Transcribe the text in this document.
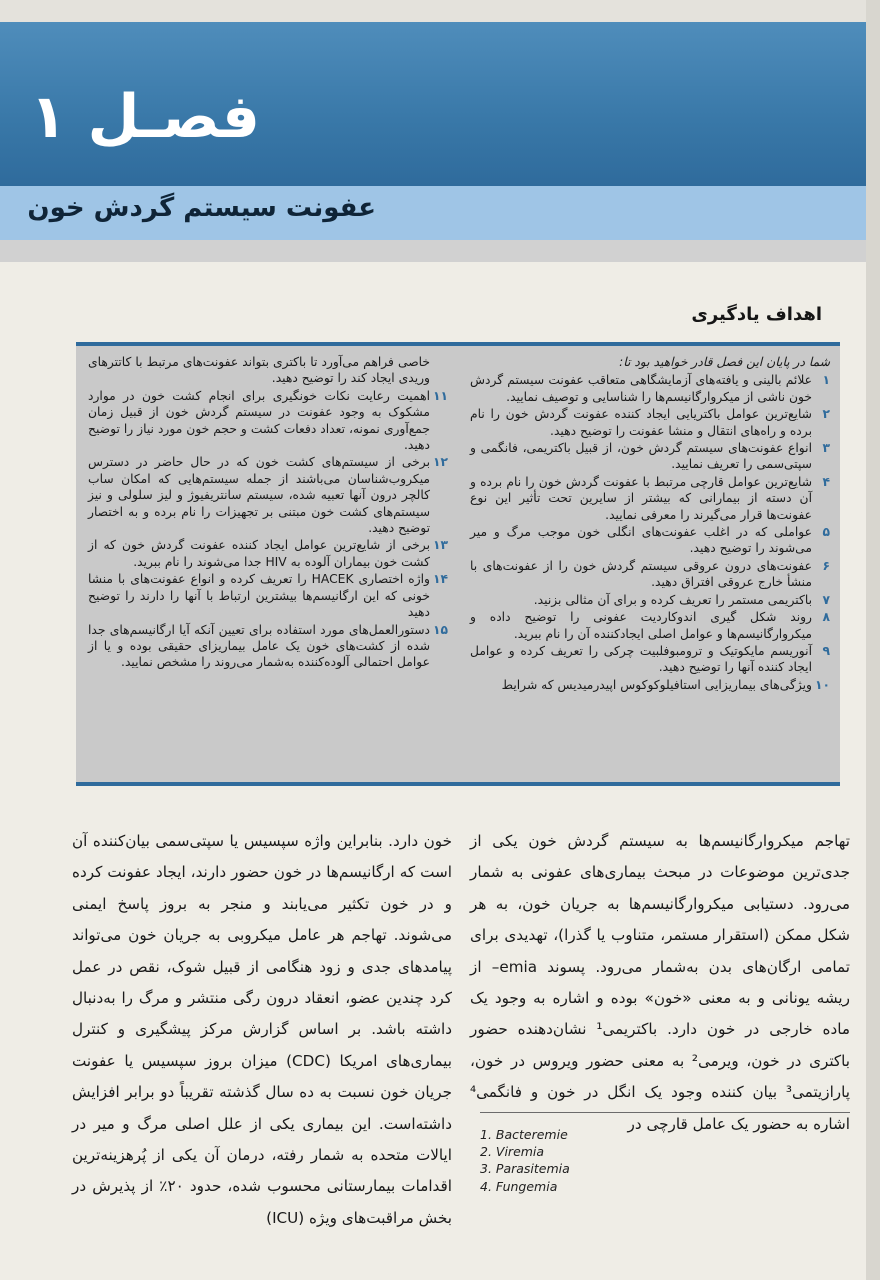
فصـل ۱
عفونت سیستم گردش خون
اهداف یادگیری

شما در پایان این فصل قادر خواهید بود تا:

۱
علائم بالینی و یافته‌های آزمایشگاهی متعاقب عفونت سیستم گردش خون ناشی از میکروارگانیسم‌ها را شناسایی و توصیف نمایید.
۲
شایع‌ترین عوامل باکتریایی ایجاد کننده عفونت گردش خون را نام برده و راه‌های انتقال و منشا عفونت را توضیح دهید.
۳
انواع عفونت‌های سیستم گردش خون، از قبیل باکتریمی، فانگمی و سپتی‌سمی را تعریف نمایید.
۴
شایع‌ترین عوامل قارچی مرتبط با عفونت گردش خون را نام برده و آن دسته از بیمارانی که بیشتر از سایرین تحت تأثیر این نوع عفونت‌ها قرار می‌گیرند را معرفی نمایید.
۵
عواملی که در اغلب عفونت‌های انگلی خون موجب مرگ و میر می‌شوند را توضیح دهید.
۶
عفونت‌های درون عروقی سیستم گردش خون را از عفونت‌های با منشأ خارج عروقی افتراق دهید.
۷
باکتریمی مستمر را تعریف کرده و برای آن مثالی بزنید.
۸
روند شکل گیری اندوکاردیت عفونی را توضیح داده و میکروارگانیسم‌ها و عوامل اصلی ایجادکننده آن را نام ببرید.
۹
آنوریسم مایکوتیک و ترومبوفلبیت چرکی را تعریف کرده و عوامل ایجاد کننده آنها را توضیح دهید.
۱۰
ویژگی‌های بیماریزایی استافیلوکوکوس اپیدرمیدیس که شرایط
خاصی فراهم می‌آورد تا باکتری بتواند عفونت‌های مرتبط با کاتترهای وریدی ایجاد کند را توضیح دهید.
۱۱
اهمیت رعایت نکات خونگیری برای انجام کشت خون در موارد مشکوک به وجود عفونت در سیستم گردش خون از قبیل زمان جمع‌آوری نمونه، تعداد دفعات کشت و حجم خون مورد نیاز را توضیح دهید.
۱۲
برخی از سیستم‌های کشت خون که در حال حاضر در دسترس میکروب‌شناسان می‌باشند از جمله سیستم‌هایی که امکان ساب کالچر درون آنها تعبیه شده، سیستم سانتریفیوژ و لیز سلولی و نیز سیستم‌های کشت خون مبتنی بر تجهیزات را نام برده و به اختصار توضیح دهید.
۱۳
برخی از شایع‌ترین عوامل ایجاد کننده عفونت گردش خون که از کشت خون بیماران آلوده به HIV جدا می‌شوند را نام ببرید.
۱۴
واژه اختصاری HACEK را تعریف کرده و انواع عفونت‌های با منشا خونی که این ارگانیسم‌ها بیشترین ارتباط با آنها را دارند را توضیح دهید
۱۵
دستورالعمل‌های مورد استفاده برای تعیین آنکه آیا ارگانیسم‌های جدا شده از کشت‌های خون یک عامل بیماریزای حقیقی بوده و یا از عوامل احتمالی آلوده‌کننده به‌شمار می‌روند را مشخص نمایید.

تهاجم میکروارگانیسم‌ها به سیستم گردش خون یکی از جدی‌ترین موضوعات در مبحث بیماری‌های عفونی به شمار می‌رود. دستیابی میکروارگانیسم‌ها به جریان خون، به هر شکل ممکن (استقرار مستمر، متناوب یا گذرا)، تهدیدی برای تمامی ارگان‌های بدن به‌شمار می‌رود. پسوند emia– از ریشه یونانی و به معنی «خون» بوده و اشاره به وجود یک ماده خارجی در خون دارد. باکتریمی¹ نشان‌دهنده حضور باکتری در خون، ویرمی² به معنی حضور ویروس در خون، پارازیتمی³ بیان کننده وجود یک انگل در خون و فانگمی⁴ اشاره به حضور یک عامل قارچی در

خون دارد. بنابراین واژه سپسیس یا سپتی‌سمی بیان‌کننده آن است که ارگانیسم‌ها در خون حضور دارند، ایجاد عفونت کرده و در خون تکثیر می‌یابند و منجر به بروز پاسخ ایمنی می‌شوند. تهاجم هر عامل میکروبی به جریان خون می‌تواند پیامدهای جدی و زود هنگامی از قبیل شوک، نقص در عمل کرد چندین عضو، انعقاد درون رگی منتشر و مرگ را به‌دنبال داشته باشد. بر اساس گزارش مرکز پیشگیری و کنترل بیماری‌های امریکا (CDC) میزان بروز سپسیس یا عفونت جریان خون نسبت به ده سال گذشته تقریباً دو برابر افزایش داشته‌است. این بیماری یکی از علل اصلی مرگ و میر در ایالات متحده به شمار رفته، درمان آن یکی از پُرهزینه‌ترین اقدامات بیمارستانی محسوب شده، حدود ۲۰٪ از پذیرش در بخش مراقبت‌های ویژه (ICU)

1. Bacteremie
2. Viremia
3. Parasitemia
4. Fungemia
